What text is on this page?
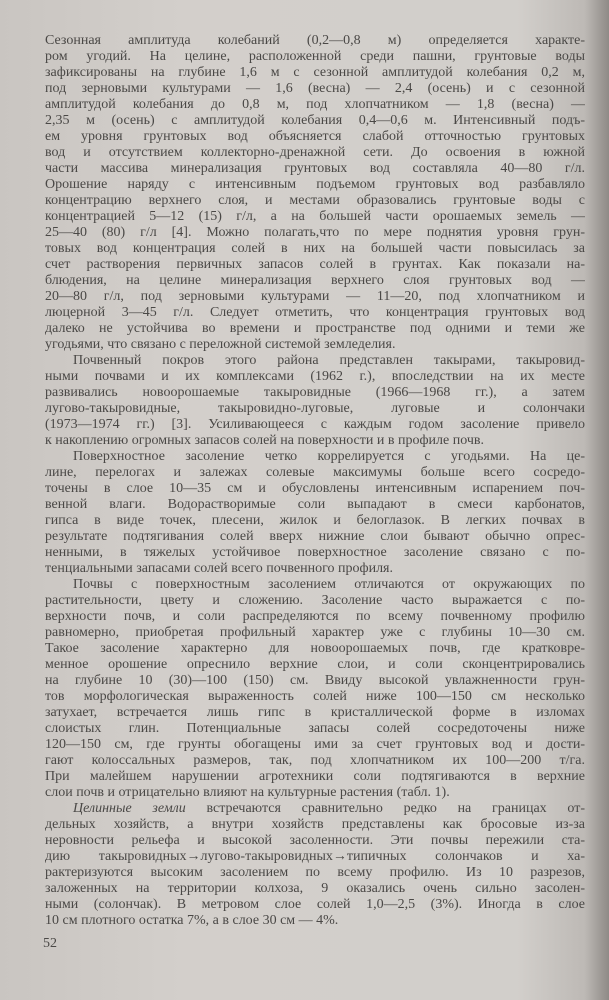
Сезонная амплитуда колебаний (0,2—0,8 м) определяется характе-
ром угодий. На целине, расположенной среди пашни, грунтовые воды
зафиксированы на глубине 1,6 м с сезонной амплитудой колебания 0,2 м,
под зерновыми культурами — 1,6 (весна) — 2,4 (осень) и с сезонной
амплитудой колебания до 0,8 м, под хлопчатником — 1,8 (весна) —
2,35 м (осень) с амплитудой колебания 0,4—0,6 м. Интенсивный подъ-
ем уровня грунтовых вод объясняется слабой отточностью грунтовых
вод и отсутствием коллекторно-дренажной сети. До освоения в южной
части массива минерализация грунтовых вод составляла 40—80 г/л.
Орошение наряду с интенсивным подъемом грунтовых вод разбавляло
концентрацию верхнего слоя, и местами образовались грунтовые воды с
концентрацией 5—12 (15) г/л, а на большей части орошаемых земель —
25—40 (80) г/л [4]. Можно полагать,что по мере поднятия уровня грун-
товых вод концентрация солей в них на большей части повысилась за
счет растворения первичных запасов солей в грунтах. Как показали на-
блюдения, на целине минерализация верхнего слоя грунтовых вод —
20—80 г/л, под зерновыми культурами — 11—20, под хлопчатником и
люцерной 3—45 г/л. Следует отметить, что концентрация грунтовых вод
далеко не устойчива во времени и пространстве под одними и теми же
угодьями, что связано с переложной системой земледелия.
Почвенный покров этого района представлен такырами, такыровид-
ными почвами и их комплексами (1962 г.), впоследствии на их месте
развивались новоорошаемые такыровидные (1966—1968 гг.), а затем
лугово-такыровидные, такыровидно-луговые, луговые и солончаки
(1973—1974 гг.) [3]. Усиливающееся с каждым годом засоление привело
к накоплению огромных запасов солей на поверхности и в профиле почв.
Поверхностное засоление четко коррелируется с угодьями. На це-
лине, перелогах и залежах солевые максимумы больше всего сосредо-
точены в слое 10—35 см и обусловлены интенсивным испарением поч-
венной влаги. Водорастворимые соли выпадают в смеси карбонатов,
гипса в виде точек, плесени, жилок и белоглазок. В легких почвах в
результате подтягивания солей вверх нижние слои бывают обычно опрес-
ненными, в тяжелых устойчивое поверхностное засоление связано с по-
тенциальными запасами солей всего почвенного профиля.
Почвы с поверхностным засолением отличаются от окружающих по
растительности, цвету и сложению. Засоление часто выражается с по-
верхности почв, и соли распределяются по всему почвенному профилю
равномерно, приобретая профильный характер уже с глубины 10—30 см.
Такое засоление характерно для новоорошаемых почв, где кратковре-
менное орошение опреснило верхние слои, и соли сконцентрировались
на глубине 10 (30)—100 (150) см. Ввиду высокой увлажненности грун-
тов морфологическая выраженность солей ниже 100—150 см несколько
затухает, встречается лишь гипс в кристаллической форме в изломах
слоистых глин. Потенциальные запасы солей сосредоточены ниже
120—150 см, где грунты обогащены ими за счет грунтовых вод и дости-
гают колоссальных размеров, так, под хлопчатником их 100—200 т/га.
При малейшем нарушении агротехники соли подтягиваются в верхние
слои почв и отрицательно влияют на культурные растения (табл. 1).
Целинные земли встречаются сравнительно редко на границах от-
дельных хозяйств, а внутри хозяйств представлены как бросовые из-за
неровности рельефа и высокой засоленности. Эти почвы пережили ста-
дию такыровидных→лугово-такыровидных→типичных солончаков и ха-
рактеризуются высоким засолением по всему профилю. Из 10 разрезов,
заложенных на территории колхоза, 9 оказались очень сильно засолен-
ными (солончак). В метровом слое солей 1,0—2,5 (3%). Иногда в слое
10 см плотного остатка 7%, а в слое 30 см — 4%.
52
